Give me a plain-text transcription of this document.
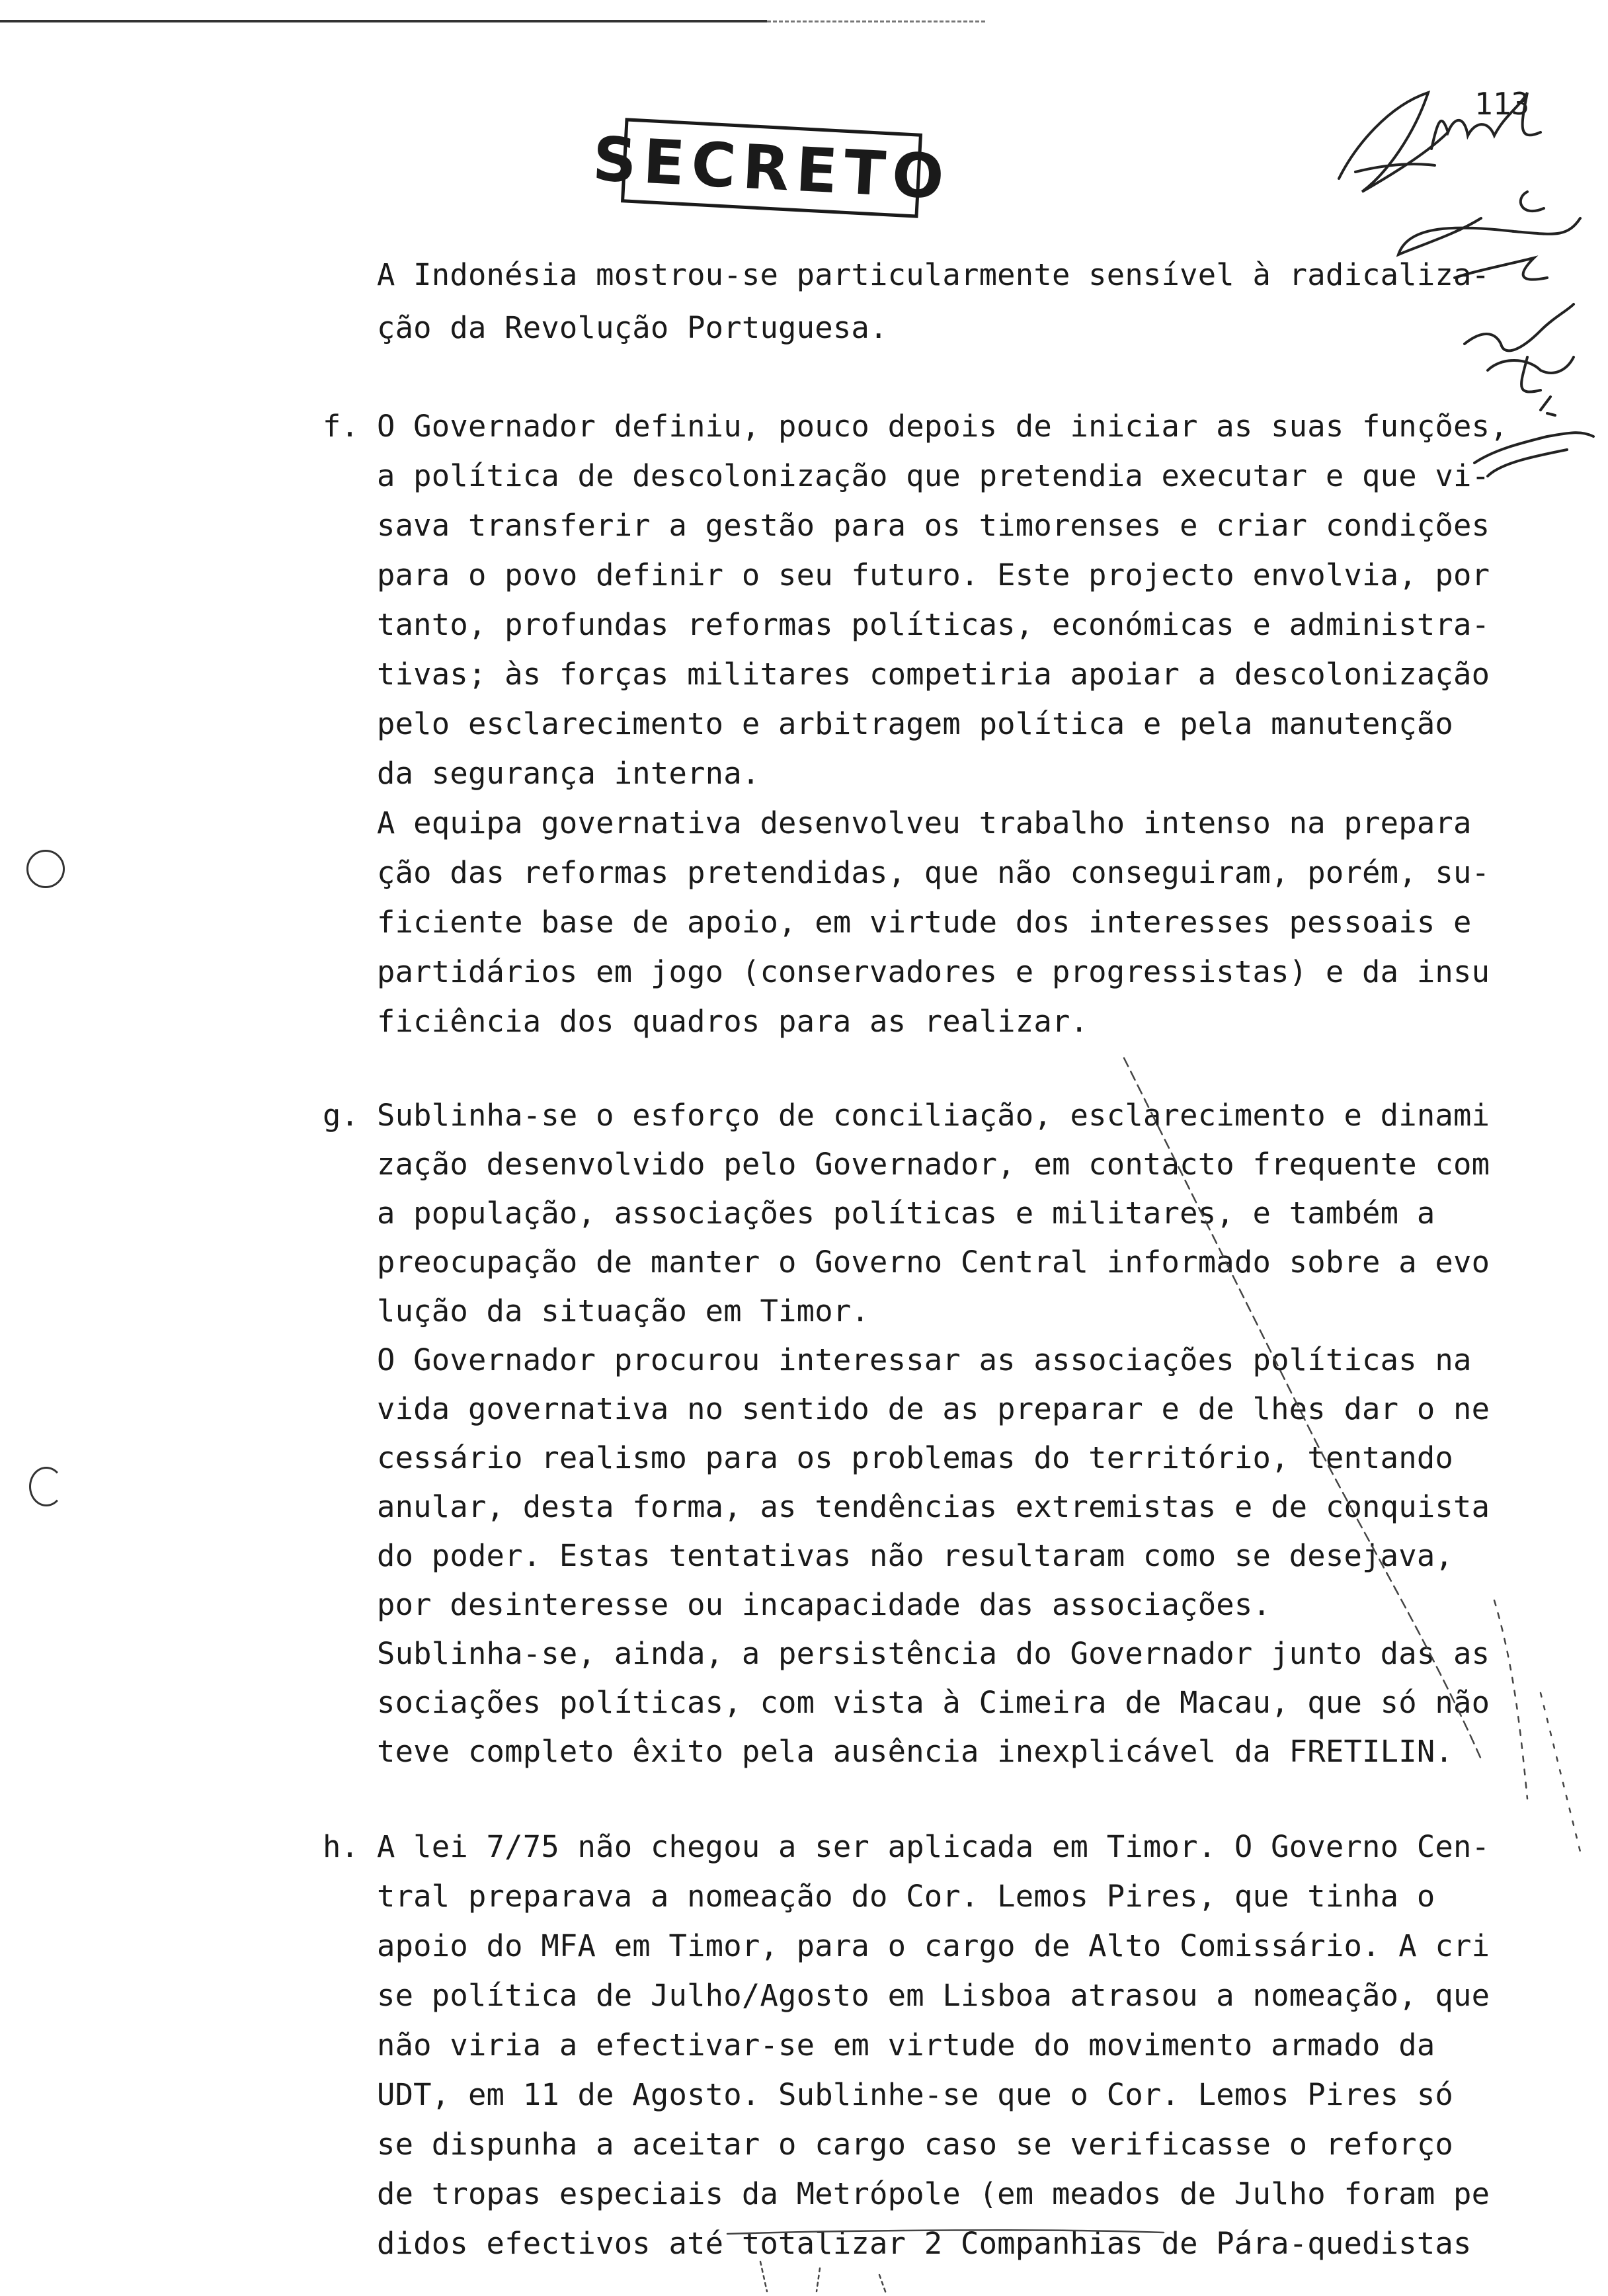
113
SECRETO
A Indonésia mostrou-se particularmente sensível à radicaliza-
ção da Revolução Portuguesa.
f. O Governador definiu, pouco depois de iniciar as suas funções,
a política de descolonização que pretendia executar e que vi-
sava transferir a gestão para os timorenses e criar condições
para o povo definir o seu futuro. Este projecto envolvia, por
tanto, profundas reformas políticas, económicas e administra-
tivas; às forças militares competiria apoiar a descolonização
pelo esclarecimento e arbitragem política e pela manutenção
da segurança interna.
A equipa governativa desenvolveu trabalho intenso na prepara
ção das reformas pretendidas, que não conseguiram, porém, su-
ficiente base de apoio, em virtude dos interesses pessoais e
partidários em jogo (conservadores e progressistas) e da insu
ficiência dos quadros para as realizar.
g. Sublinha-se o esforço de conciliação, esclarecimento e dinami
zação desenvolvido pelo Governador, em contacto frequente com
a população, associações políticas e militares, e também a
preocupação de manter o Governo Central informado sobre a evo
lução da situação em Timor.
O Governador procurou interessar as associações políticas na
vida governativa no sentido de as preparar e de lhes dar o ne
cessário realismo para os problemas do território, tentando
anular, desta forma, as tendências extremistas e de conquista
do poder. Estas tentativas não resultaram como se desejava,
por desinteresse ou incapacidade das associações.
Sublinha-se, ainda, a persistência do Governador junto das as
sociações políticas, com vista à Cimeira de Macau, que só não
teve completo êxito pela ausência inexplicável da FRETILIN.
h. A lei 7/75 não chegou a ser aplicada em Timor. O Governo Cen-
tral preparava a nomeação do Cor. Lemos Pires, que tinha o
apoio do MFA em Timor, para o cargo de Alto Comissário. A cri
se política de Julho/Agosto em Lisboa atrasou a nomeação, que
não viria a efectivar-se em virtude do movimento armado da
UDT, em 11 de Agosto. Sublinhe-se que o Cor. Lemos Pires só
se dispunha a aceitar o cargo caso se verificasse o reforço
de tropas especiais da Metrópole (em meados de Julho foram pe
didos efectivos até totalizar 2 Companhias de Pára-quedistas
